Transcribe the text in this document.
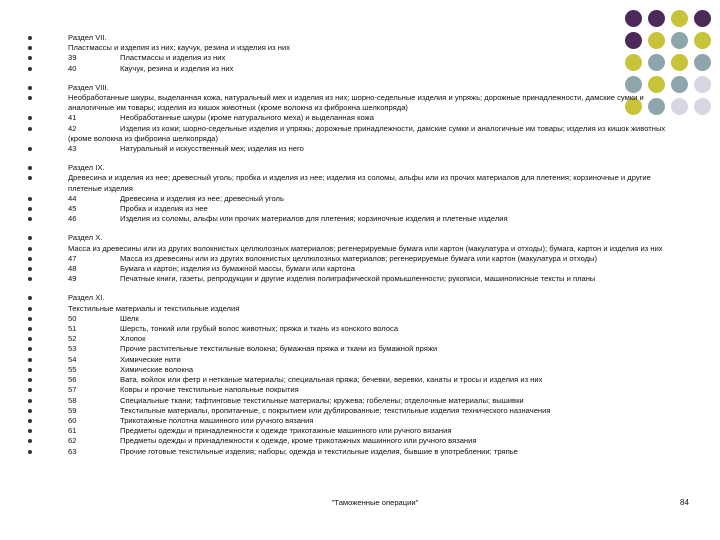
Раздел VII.
Пластмассы и изделия из них; каучук, резина и изделия из них
39	Пластмассы и изделия из них
40	Каучук, резина и изделия из них
Раздел VIII.
Необработанные шкуры, выделанная кожа, натуральный мех и изделия из них; шорно-седельные изделия и упряжь; дорожные принадлежности, дамские сумки и аналогичные им товары; изделия из кишок животных (кроме волокна из фиброина шелкопряда)
41	Необработанные шкуры (кроме натурального меха) и выделанная кожа
42	Изделия из кожи; шорно-седельные изделия и упряжь; дорожные принадлежности, дамские сумки и аналогичные им товары; изделия из кишок животных (кроме волокна из фиброина шелкопряда)
43	Натуральный и искусственный мех; изделия из него
Раздел IX.
Древесина и изделия из нее; древесный уголь; пробка и изделия из нее; изделия из соломы, альфы или из прочих материалов для плетения; корзиночные и другие плетеные изделия
44	Древесина и изделия из нее; древесный уголь
45	Пробка и изделия из нее
46	Изделия из соломы, альфы или прочих материалов для плетения; корзиночные изделия и плетеные изделия
Раздел X.
Масса из древесины или из других волокнистых целлюлозных материалов; регенерируемые бумага или картон (макулатура и отходы); бумага, картон и изделия из них
47	Масса из древесины или из других волокнистых целлюлозных материалов; регенерируемые бумага или картон (макулатура и отходы)
48	Бумага и картон; изделия из бумажной массы, бумаги или картона
49	Печатные книги, газеты, репродукции и другие изделия полиграфической промышленности; рукописи, машинописные тексты и планы
Раздел XI.
Текстильные материалы и текстильные изделия
50	Шелк
51	Шерсть, тонкий или грубый волос животных; пряжа и ткань из конского волоса
52	Хлопок
53	Прочие растительные текстильные волокна; бумажная пряжа и ткани из бумажной пряжи
54	Химические нити
55	Химические волокна
56	Вата, войлок или фетр и нетканые материалы; специальная пряжа; бечевки, веревки, канаты и тросы и изделия из них
57	Ковры и прочие текстильные напольные покрытия
58	Специальные ткани; тафтинговые текстильные материалы; кружева; гобелены; отделочные материалы; вышивки
59	Текстильные материалы, пропитанные, с покрытием или дублированные; текстильные изделия технического назначения
60	Трикотажные полотна машинного или ручного вязания
61	Предметы одежды и принадлежности к одежде трикотажные машинного или ручного вязания
62	Предметы одежды и принадлежности к одежде, кроме трикотажных машинного или ручного вязания
63	Прочие готовые текстильные изделия; наборы; одежда и текстильные изделия, бывшие в употреблении; тряпье
"Таможенные операции"	84
